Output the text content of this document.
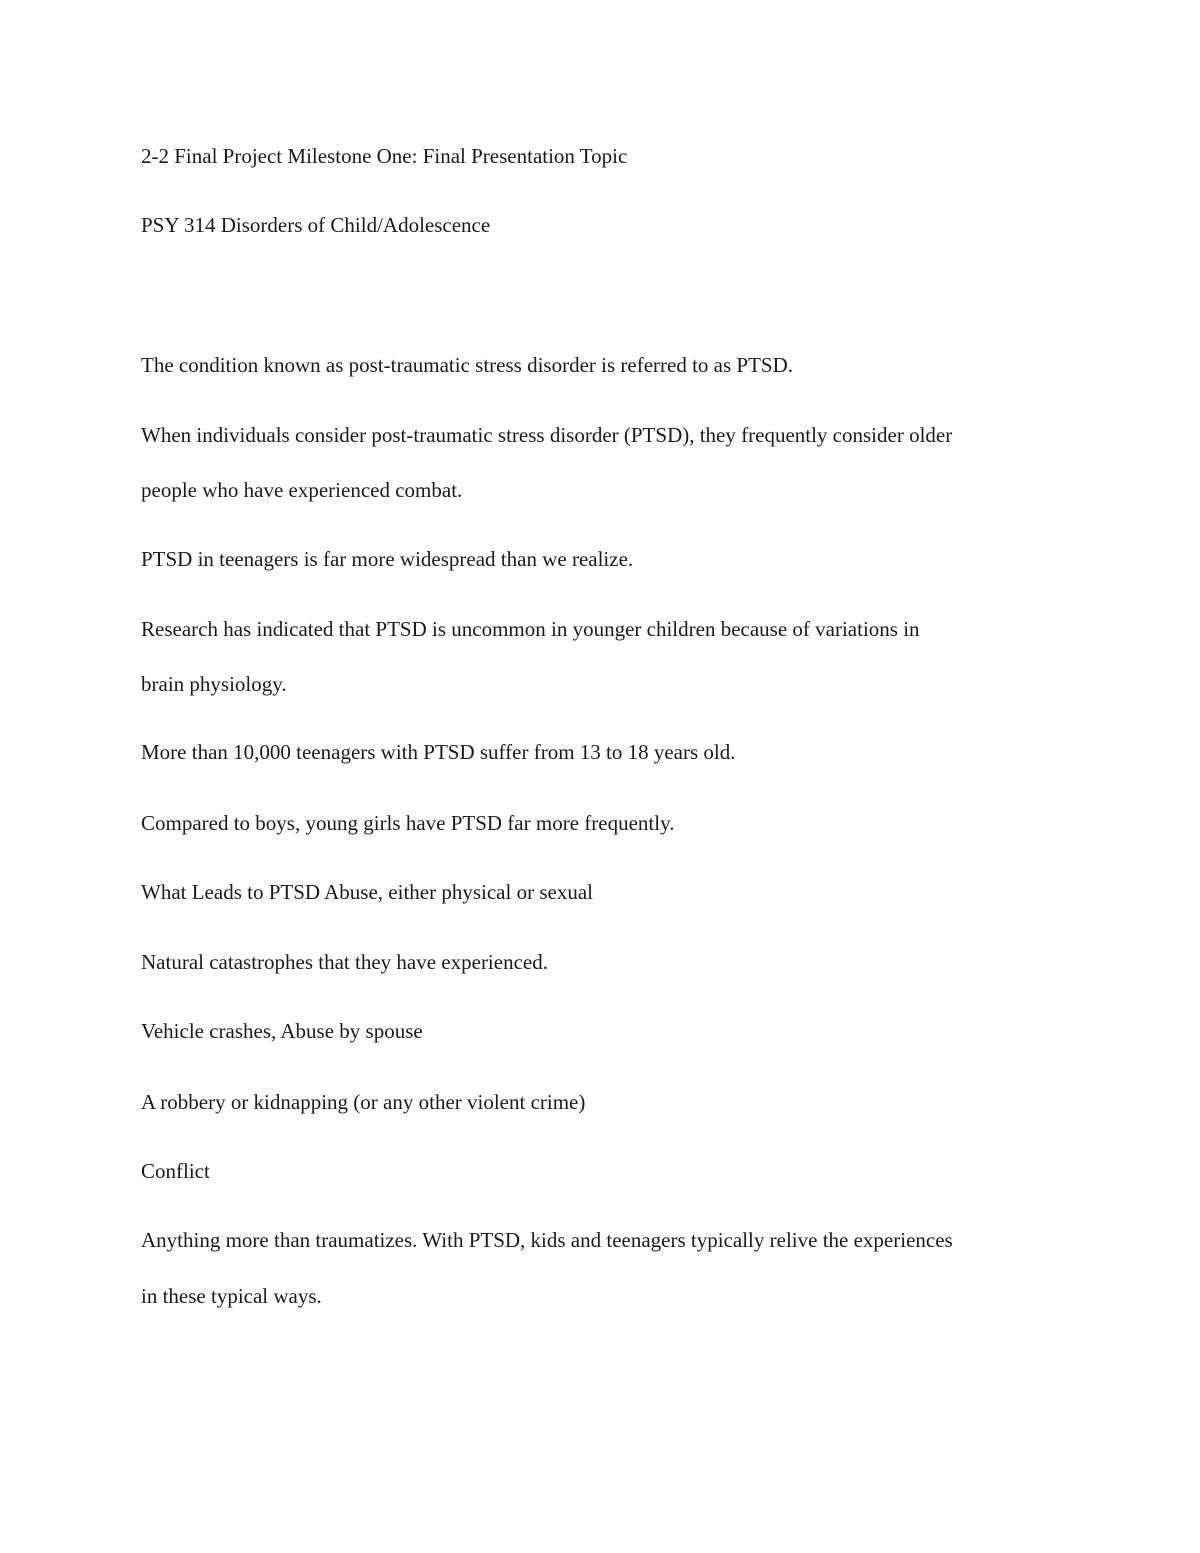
2-2 Final Project Milestone One: Final Presentation Topic
PSY 314 Disorders of Child/Adolescence
The condition known as post-traumatic stress disorder is referred to as PTSD.
When individuals consider post-traumatic stress disorder (PTSD), they frequently consider older
people who have experienced combat.
PTSD in teenagers is far more widespread than we realize.
Research has indicated that PTSD is uncommon in younger children because of variations in
brain physiology.
More than 10,000 teenagers with PTSD suffer from 13 to 18 years old.
Compared to boys, young girls have PTSD far more frequently.
What Leads to PTSD Abuse, either physical or sexual
Natural catastrophes that they have experienced.
Vehicle crashes, Abuse by spouse
A robbery or kidnapping (or any other violent crime)
Conflict
Anything more than traumatizes. With PTSD, kids and teenagers typically relive the experiences
in these typical ways.
